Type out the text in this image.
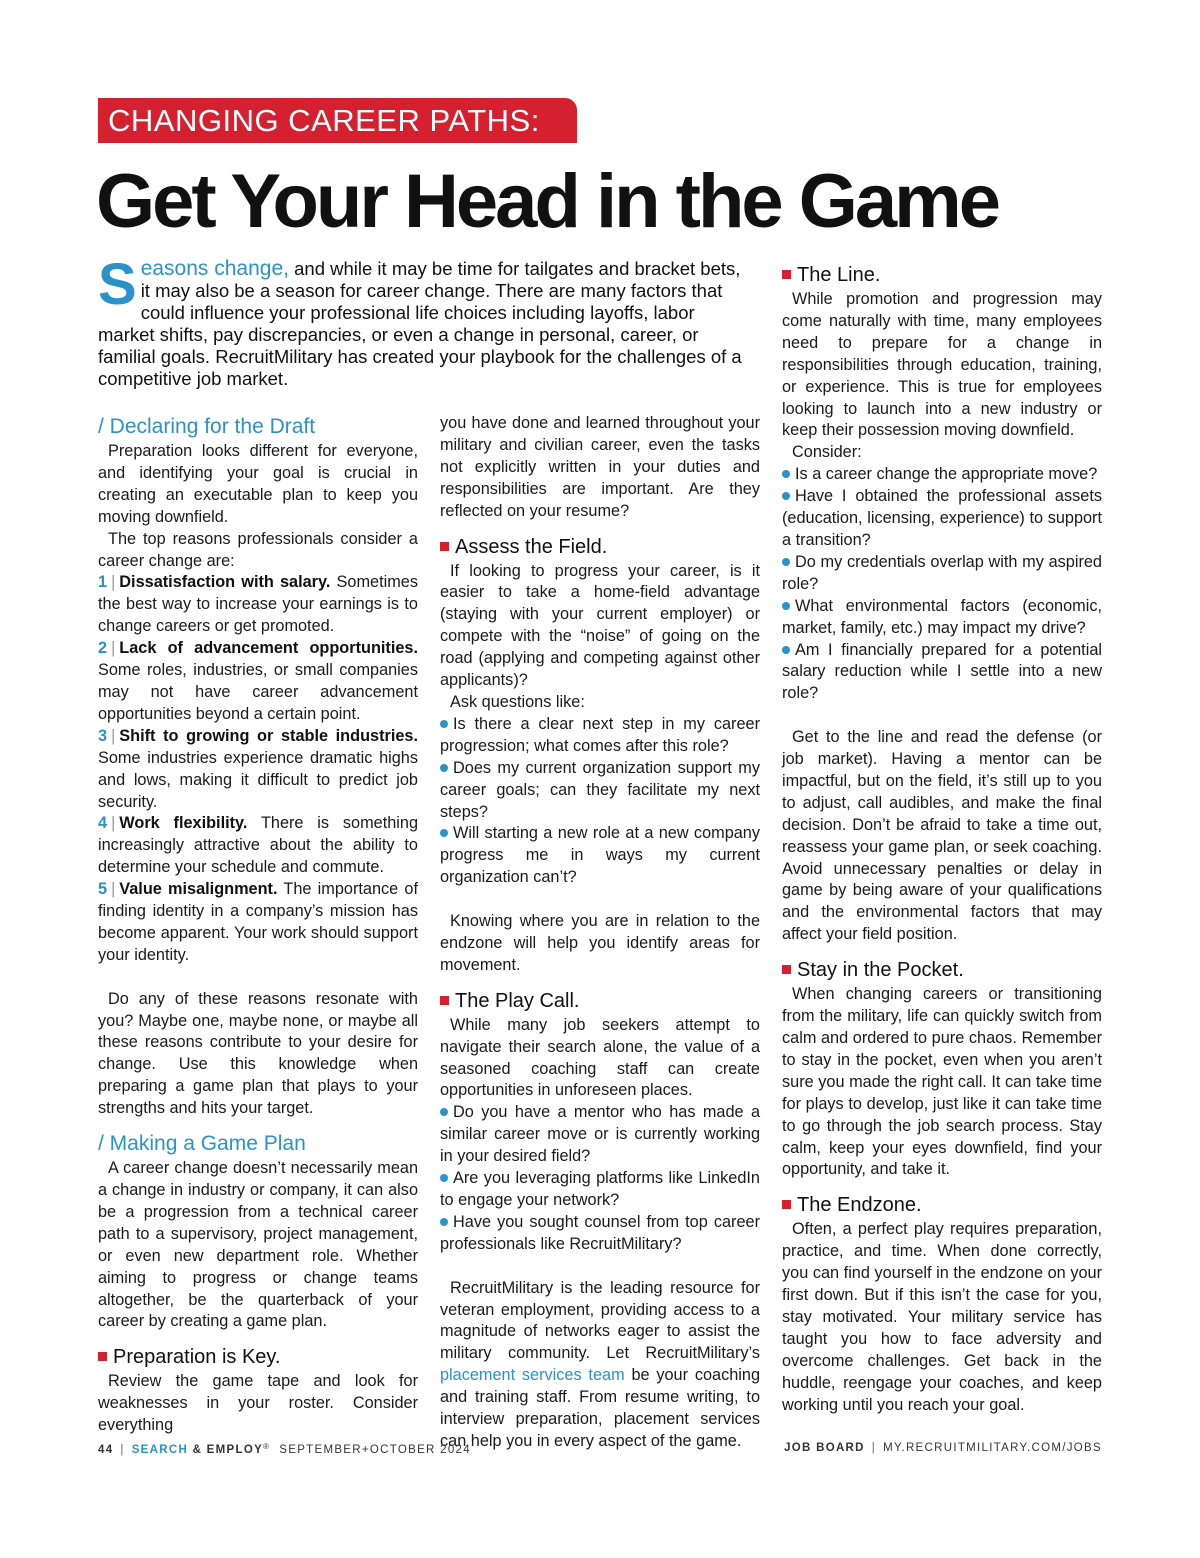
CHANGING CAREER PATHS:
Get Your Head in the Game
Seasons change, and while it may be time for tailgates and bracket bets, it may also be a season for career change. There are many factors that could influence your professional life choices including layoffs, labor market shifts, pay discrepancies, or even a change in personal, career, or familial goals. RecruitMilitary has created your playbook for the challenges of a competitive job market.
/ Declaring for the Draft

Preparation looks different for everyone, and identifying your goal is crucial in creating an executable plan to keep you moving downfield.

The top reasons professionals consider a career change are:

1 | Dissatisfaction with salary. Sometimes the best way to increase your earnings is to change careers or get promoted.

2 | Lack of advancement opportunities. Some roles, industries, or small companies may not have career advancement opportunities beyond a certain point.

3 | Shift to growing or stable industries. Some industries experience dramatic highs and lows, making it difficult to predict job security.

4 | Work flexibility. There is something increasingly attractive about the ability to determine your schedule and commute.

5 | Value misalignment. The importance of finding identity in a company’s mission has become apparent. Your work should support your identity.

Do any of these reasons resonate with you? Maybe one, maybe none, or maybe all these reasons contribute to your desire for change. Use this knowledge when preparing a game plan that plays to your strengths and hits your target.

/ Making a Game Plan

A career change doesn’t necessarily mean a change in industry or company, it can also be a progression from a technical career path to a supervisory, project management, or even new department role. Whether aiming to progress or change teams altogether, be the quarterback of your career by creating a game plan.

Preparation is Key.

Review the game tape and look for weaknesses in your roster. Consider everything

you have done and learned throughout your military and civilian career, even the tasks not explicitly written in your duties and responsibilities are important. Are they reflected on your resume?

Assess the Field.

If looking to progress your career, is it easier to take a home-field advantage (staying with your current employer) or compete with the “noise” of going on the road (applying and competing against other applicants)?

Ask questions like:

Is there a clear next step in my career progression; what comes after this role?

Does my current organization support my career goals; can they facilitate my next steps?

Will starting a new role at a new company progress me in ways my current organization can’t?

Knowing where you are in relation to the endzone will help you identify areas for movement.

The Play Call.

While many job seekers attempt to navigate their search alone, the value of a seasoned coaching staff can create opportunities in unforeseen places.

Do you have a mentor who has made a similar career move or is currently working in your desired field?

Are you leveraging platforms like LinkedIn to engage your network?

Have you sought counsel from top career professionals like RecruitMilitary?

RecruitMilitary is the leading resource for veteran employment, providing access to a magnitude of networks eager to assist the military community. Let RecruitMilitary’s placement services team be your coaching and training staff. From resume writing, to interview preparation, placement services can help you in every aspect of the game.

The Line.

While promotion and progression may come naturally with time, many employees need to prepare for a change in responsibilities through education, training, or experience. This is true for employees looking to launch into a new industry or keep their possession moving downfield.

Consider:

Is a career change the appropriate move?

Have I obtained the professional assets (education, licensing, experience) to support a transition?

Do my credentials overlap with my aspired role?

What environmental factors (economic, market, family, etc.) may impact my drive?

Am I financially prepared for a potential salary reduction while I settle into a new role?

Get to the line and read the defense (or job market). Having a mentor can be impactful, but on the field, it’s still up to you to adjust, call audibles, and make the final decision. Don’t be afraid to take a time out, reassess your game plan, or seek coaching. Avoid unnecessary penalties or delay in game by being aware of your qualifications and the environmental factors that may affect your field position.

Stay in the Pocket.

When changing careers or transitioning from the military, life can quickly switch from calm and ordered to pure chaos. Remember to stay in the pocket, even when you aren’t sure you made the right call. It can take time for plays to develop, just like it can take time to go through the job search process. Stay calm, keep your eyes downfield, find your opportunity, and take it.

The Endzone.

Often, a perfect play requires preparation, practice, and time. When done correctly, you can find yourself in the endzone on your first down. But if this isn’t the case for you, stay motivated. Your military service has taught you how to face adversity and overcome challenges. Get back in the huddle, reengage your coaches, and keep working until you reach your goal.

44 | SEARCH & EMPLOY® SEPTEMBER+OCTOBER 2024	JOB BOARD | MY.RECRUITMILITARY.COM/JOBS
